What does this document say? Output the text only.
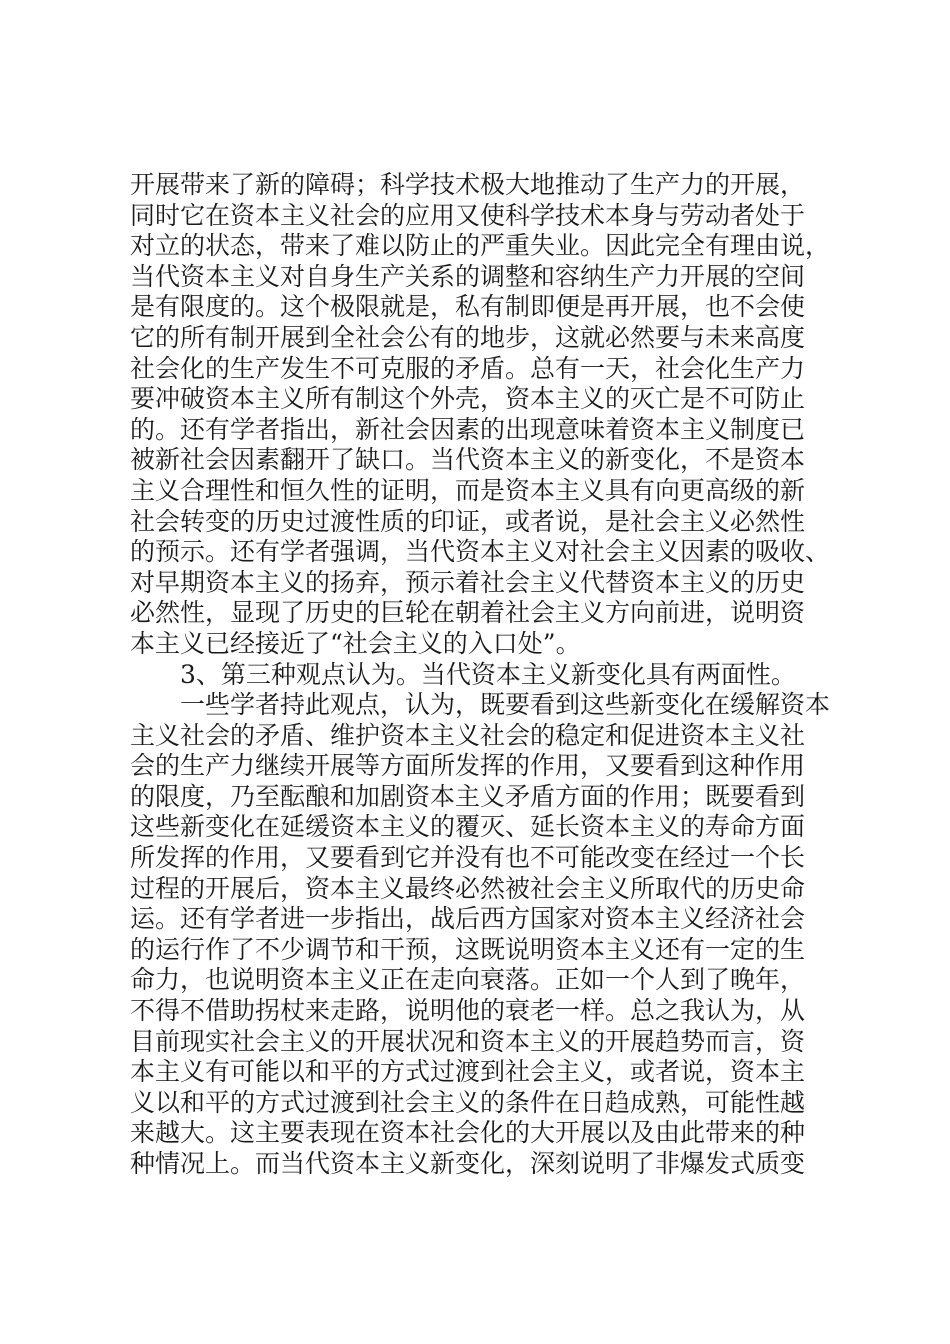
开展带来了新的障碍；科学技术极大地推动了生产力的开展，
同时它在资本主义社会的应用又使科学技术本身与劳动者处于
对立的状态，带来了难以防止的严重失业。因此完全有理由说，
当代资本主义对自身生产关系的调整和容纳生产力开展的空间
是有限度的。这个极限就是，私有制即便是再开展，也不会使
它的所有制开展到全社会公有的地步，这就必然要与未来高度
社会化的生产发生不可克服的矛盾。总有一天，社会化生产力
要冲破资本主义所有制这个外壳，资本主义的灭亡是不可防止
的。还有学者指出，新社会因素的出现意味着资本主义制度已
被新社会因素翻开了缺口。当代资本主义的新变化，不是资本
主义合理性和恒久性的证明，而是资本主义具有向更高级的新
社会转变的历史过渡性质的印证，或者说，是社会主义必然性
的预示。还有学者强调，当代资本主义对社会主义因素的吸收、
对早期资本主义的扬弃，预示着社会主义代替资本主义的历史
必然性，显现了历史的巨轮在朝着社会主义方向前进，说明资
本主义已经接近了“社会主义的入口处”。
3、第三种观点认为。当代资本主义新变化具有两面性。
一些学者持此观点，认为，既要看到这些新变化在缓解资本
主义社会的矛盾、维护资本主义社会的稳定和促进资本主义社
会的生产力继续开展等方面所发挥的作用，又要看到这种作用
的限度，乃至酝酿和加剧资本主义矛盾方面的作用；既要看到
这些新变化在延缓资本主义的覆灭、延长资本主义的寿命方面
所发挥的作用，又要看到它并没有也不可能改变在经过一个长
过程的开展后，资本主义最终必然被社会主义所取代的历史命
运。还有学者进一步指出，战后西方国家对资本主义经济社会
的运行作了不少调节和干预，这既说明资本主义还有一定的生
命力，也说明资本主义正在走向衰落。正如一个人到了晚年，
不得不借助拐杖来走路，说明他的衰老一样。总之我认为，从
目前现实社会主义的开展状况和资本主义的开展趋势而言，资
本主义有可能以和平的方式过渡到社会主义，或者说，资本主
义以和平的方式过渡到社会主义的条件在日趋成熟，可能性越
来越大。这主要表现在资本社会化的大开展以及由此带来的种
种情况上。而当代资本主义新变化，深刻说明了非爆发式质变
